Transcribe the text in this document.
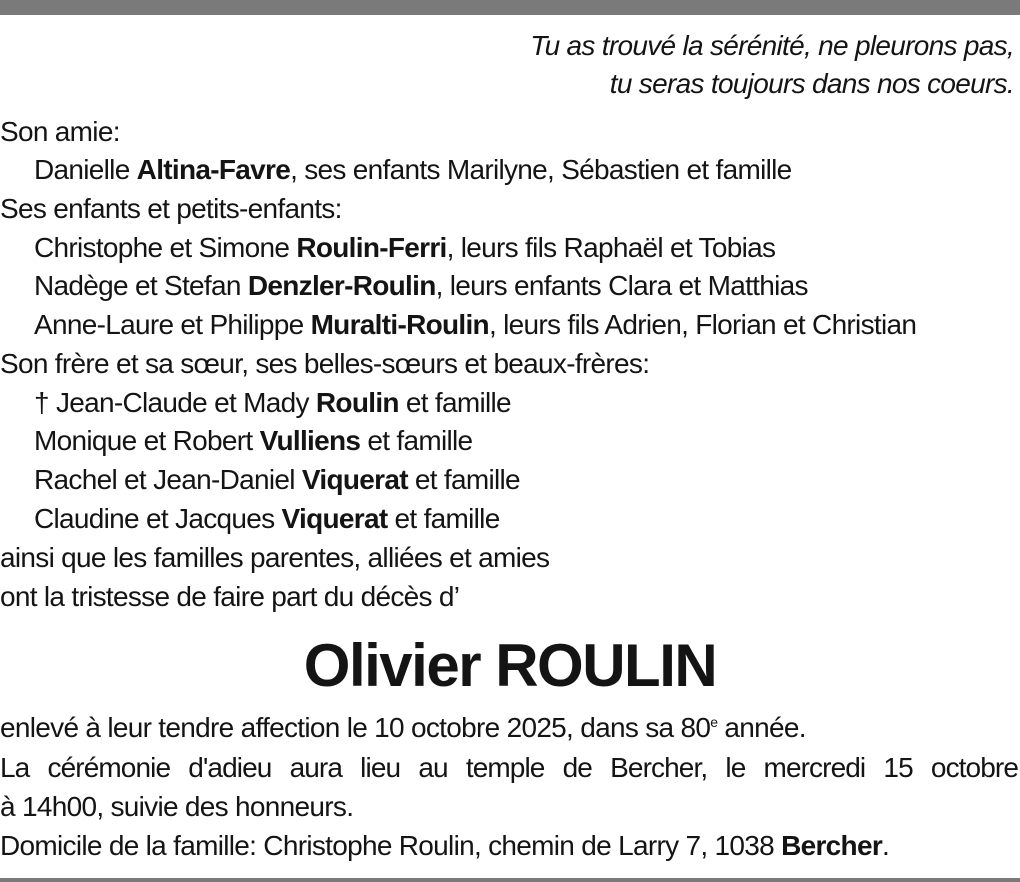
Tu as trouvé la sérénité, ne pleurons pas,
tu seras toujours dans nos coeurs.
Son amie:
Danielle Altina-Favre, ses enfants Marilyne, Sébastien et famille
Ses enfants et petits-enfants:
Christophe et Simone Roulin-Ferri, leurs fils Raphaël et Tobias
Nadège et Stefan Denzler-Roulin, leurs enfants Clara et Matthias
Anne-Laure et Philippe Muralti-Roulin, leurs fils Adrien, Florian et Christian
Son frère et sa sœur, ses belles-sœurs et beaux-frères:
† Jean-Claude et Mady Roulin et famille
Monique et Robert Vulliens et famille
Rachel et Jean-Daniel Viquerat et famille
Claudine et Jacques Viquerat et famille
ainsi que les familles parentes, alliées et amies
ont la tristesse de faire part du décès d’
Olivier ROULIN
enlevé à leur tendre affection le 10 octobre 2025, dans sa 80e année.
La cérémonie d'adieu aura lieu au temple de Bercher, le mercredi 15 octobre
à 14h00, suivie des honneurs.
Domicile de la famille: Christophe Roulin, chemin de Larry 7, 1038 Bercher.
